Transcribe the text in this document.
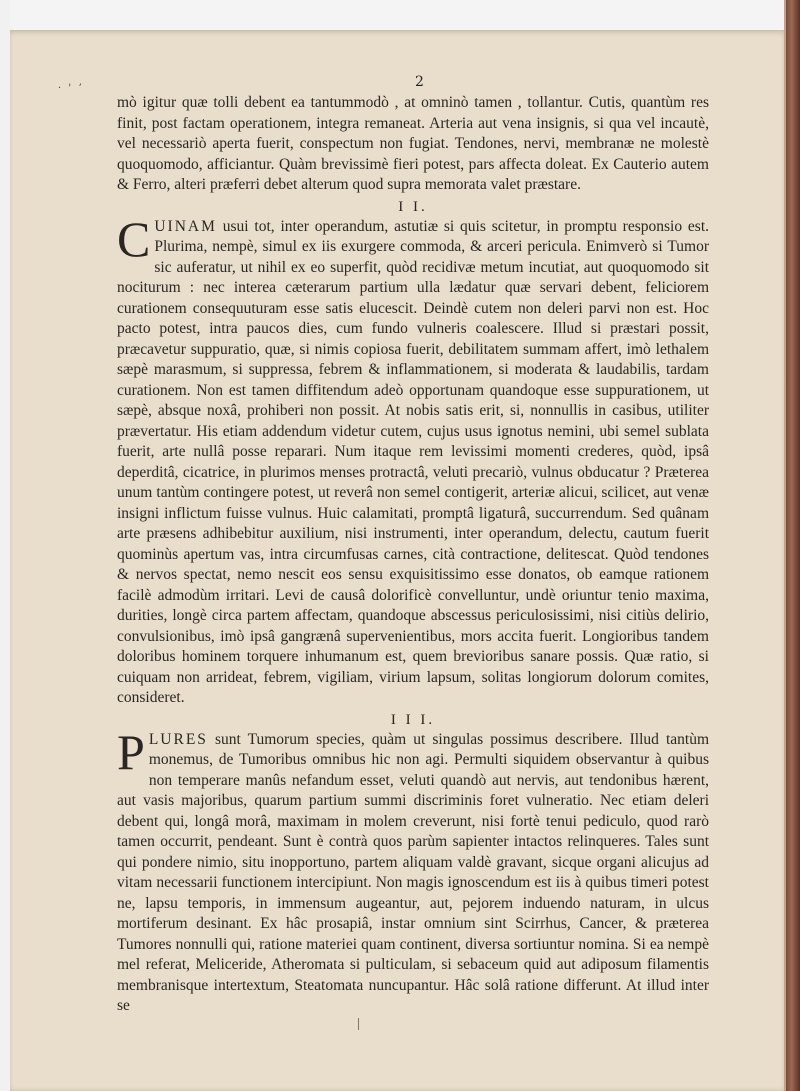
· ' ʼ	2

mò igitur quæ tolli debent ea tantummodò , at omninò tamen , tollantur. Cutis, quantùm res finit, post factam operationem, integra remaneat. Arteria aut vena insignis, si qua vel incautè, vel necessariò aperta fuerit, conspectum non fugiat. Tendones, nervi, membranæ ne molestè quoquomodo, afficiantur. Quàm brevissimè fieri potest, pars affecta doleat. Ex Cauterio autem & Ferro, alteri præferri debet alterum quod supra memorata valet præstare.

I I.

CUINAM usui tot, inter operandum, astutiæ si quis scitetur, in promptu responsio est. Plurima, nempè, simul ex iis exurgere commoda, & arceri pericula. Enimverò si Tumor sic auferatur, ut nihil ex eo superfit, quòd recidivæ metum incutiat, aut quoquomodo sit nociturum : nec interea cæterarum partium ulla lædatur quæ servari debent, feliciorem curationem consequuturam esse satis elucescit. Deindè cutem non deleri parvi non est. Hoc pacto potest, intra paucos dies, cum fundo vulneris coalescere. Illud si præstari possit, præcavetur suppuratio, quæ, si nimis copiosa fuerit, debilitatem summam affert, imò lethalem sæpè marasmum, si suppressa, febrem & inflammationem, si moderata & laudabilis, tardam curationem. Non est tamen diffitendum adeò opportunam quandoque esse suppurationem, ut sæpè, absque noxâ, prohiberi non possit. At nobis satis erit, si, nonnullis in casibus, utiliter prævertatur. His etiam addendum videtur cutem, cujus usus ignotus nemini, ubi semel sublata fuerit, arte nullâ posse reparari. Num itaque rem levissimi momenti crederes, quòd, ipsâ deperditâ, cicatrice, in plurimos menses protractâ, veluti precariò, vulnus obducatur ? Præterea unum tantùm contingere potest, ut reverâ non semel contigerit, arteriæ alicui, scilicet, aut venæ insigni inflictum fuisse vulnus. Huic calamitati, promptâ ligaturâ, succurrendum. Sed quânam arte præsens adhibebitur auxilium, nisi instrumenti, inter operandum, delectu, cautum fuerit quominùs apertum vas, intra circumfusas carnes, cità contractione, delitescat. Quòd tendones & nervos spectat, nemo nescit eos sensu exquisitissimo esse donatos, ob eamque rationem facilè admodùm irritari. Levi de causâ dolorificè convelluntur, undè oriuntur tenio maxima, durities, longè circa partem affectam, quandoque abscessus periculosissimi, nisi citiùs delirio, convulsionibus, imò ipsâ gangrænâ supervenientibus, mors accita fuerit. Longioribus tandem doloribus hominem torquere inhumanum est, quem brevioribus sanare possis. Quæ ratio, si cuiquam non arrideat, febrem, vigiliam, virium lapsum, solitas longiorum dolorum comites, consideret.

I I I.

PLURES sunt Tumorum species, quàm ut singulas possimus describere. Illud tantùm monemus, de Tumoribus omnibus hic non agi. Permulti siquidem observantur à quibus non temperare manûs nefandum esset, veluti quandò aut nervis, aut tendonibus hærent, aut vasis majoribus, quarum partium summi discriminis foret vulneratio. Nec etiam deleri debent qui, longâ morâ, maximam in molem creverunt, nisi fortè tenui pediculo, quod rarò tamen occurrit, pendeant. Sunt è contrà quos parùm sapienter intactos relinqueres. Tales sunt qui pondere nimio, situ inopportuno, partem aliquam valdè gravant, sicque organi alicujus ad vitam necessarii functionem intercipiunt. Non magis ignoscendum est iis à quibus timeri potest ne, lapsu temporis, in immensum augeantur, aut, pejorem induendo naturam, in ulcus mortiferum desinant. Ex hâc prosapiâ, instar omnium sint Scirrhus, Cancer, & præterea Tumores nonnulli qui, ratione materiei quam continent, diversa sortiuntur nomina. Si ea nempè mel referat, Meliceride, Atheromata si pulticulam, si sebaceum quid aut adiposum filamentis membranisque intertextum, Steatomata nuncupantur. Hâc solâ ratione differunt. At illud inter se
